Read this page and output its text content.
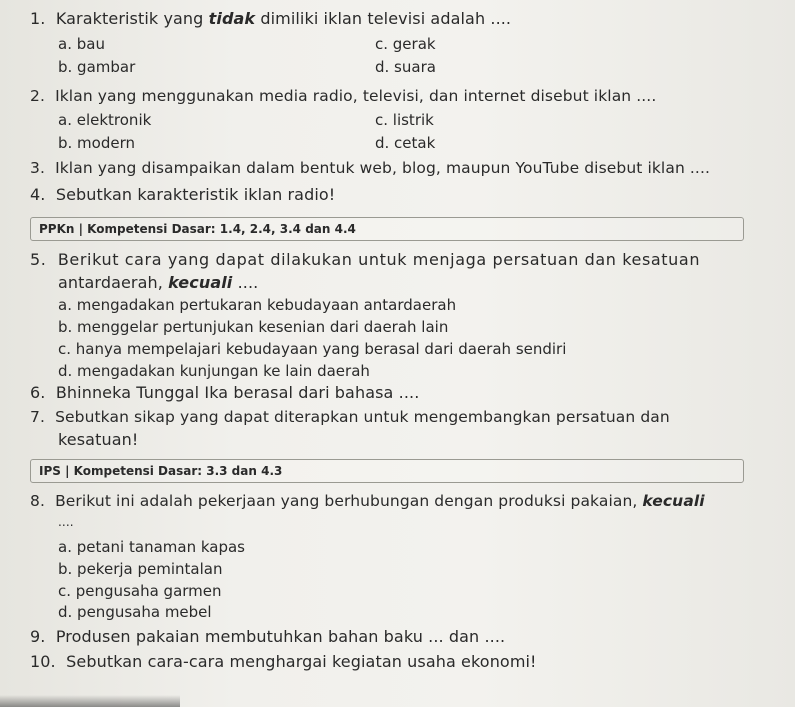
1. Karakteristik yang tidak dimiliki iklan televisi adalah ....
a. bau	c. gerak
b. gambar	d. suara
2. Iklan yang menggunakan media radio, televisi, dan internet disebut iklan ....
a. elektronik	c. listrik
b. modern	d. cetak
3. Iklan yang disampaikan dalam bentuk web, blog, maupun YouTube disebut iklan ....
4. Sebutkan karakteristik iklan radio!
PPKn | Kompetensi Dasar: 1.4, 2.4, 3.4 dan 4.4
5. Berikut cara yang dapat dilakukan untuk menjaga persatuan dan kesatuan
antardaerah, kecuali ....
a. mengadakan pertukaran kebudayaan antardaerah
b. menggelar pertunjukan kesenian dari daerah lain
c. hanya mempelajari kebudayaan yang berasal dari daerah sendiri
d. mengadakan kunjungan ke lain daerah
6. Bhinneka Tunggal Ika berasal dari bahasa ....
7. Sebutkan sikap yang dapat diterapkan untuk mengembangkan persatuan dan
kesatuan!
IPS | Kompetensi Dasar: 3.3 dan 4.3
8. Berikut ini adalah pekerjaan yang berhubungan dengan produksi pakaian, kecuali
....
a. petani tanaman kapas
b. pekerja pemintalan
c. pengusaha garmen
d. pengusaha mebel
9. Produsen pakaian membutuhkan bahan baku ... dan ....
10. Sebutkan cara-cara menghargai kegiatan usaha ekonomi!
